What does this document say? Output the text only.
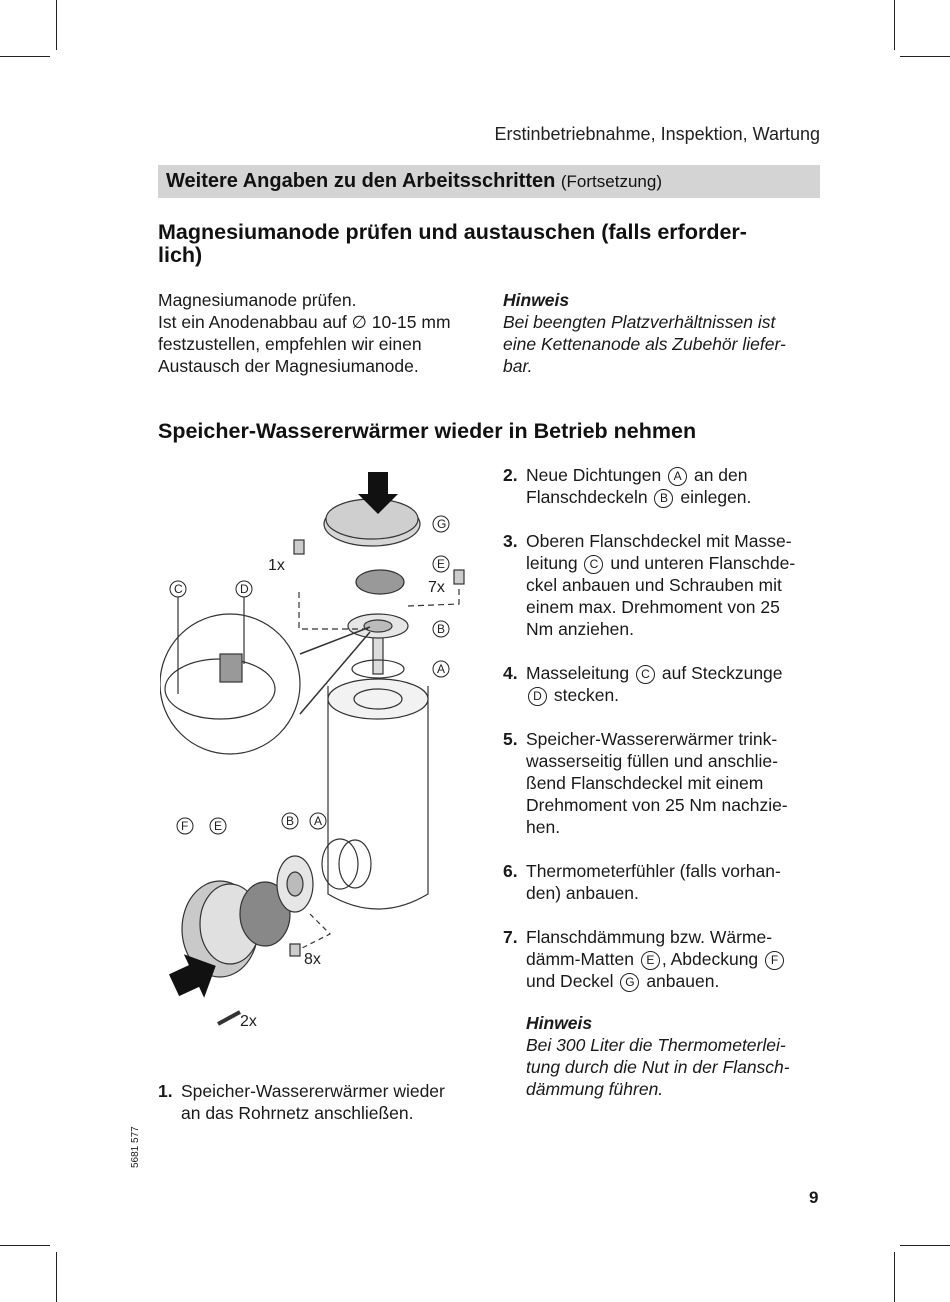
Erstinbetriebnahme, Inspektion, Wartung
Weitere Angaben zu den Arbeitsschritten (Fortsetzung)
Magnesiumanode prüfen und austauschen (falls erforder-
lich)

Magnesiumanode prüfen.

Ist ein Anodenabbau auf ∅ 10-15 mm

festzustellen, empfehlen wir einen

Austausch der Magnesiumanode.

Hinweis

Bei beengten Platzverhältnissen ist

eine Kettenanode als Zubehör liefer-

bar.

Speicher-Wassererwärmer wieder in Betrieb nehmen
G
E
B
A
C	D
F E	B A
1x
7x
8x
2x
2. Neue Dichtungen A an den
Flanschdeckeln B einlegen.
3. Oberen Flanschdeckel mit Masse-
leitung C und unteren Flanschde-
ckel anbauen und Schrauben mit
einem max. Drehmoment von 25
Nm anziehen.
4. Masseleitung C auf Steckzunge
D stecken.
5. Speicher-Wassererwärmer trink-
wasserseitig füllen und anschlie-
ßend Flanschdeckel mit einem
Drehmoment von 25 Nm nachzie-
hen.
6. Thermometerfühler (falls vorhan-
den) anbauen.
7. Flanschdämmung bzw. Wärme-
dämm-Matten E , Abdeckung F
und Deckel G anbauen.
Hinweis
Bei 300 Liter die Thermometerlei-
tung durch die Nut in der Flansch-
dämmung führen.
1. Speicher-Wassererwärmer wieder
an das Rohrnetz anschließen.
5681 577
9
